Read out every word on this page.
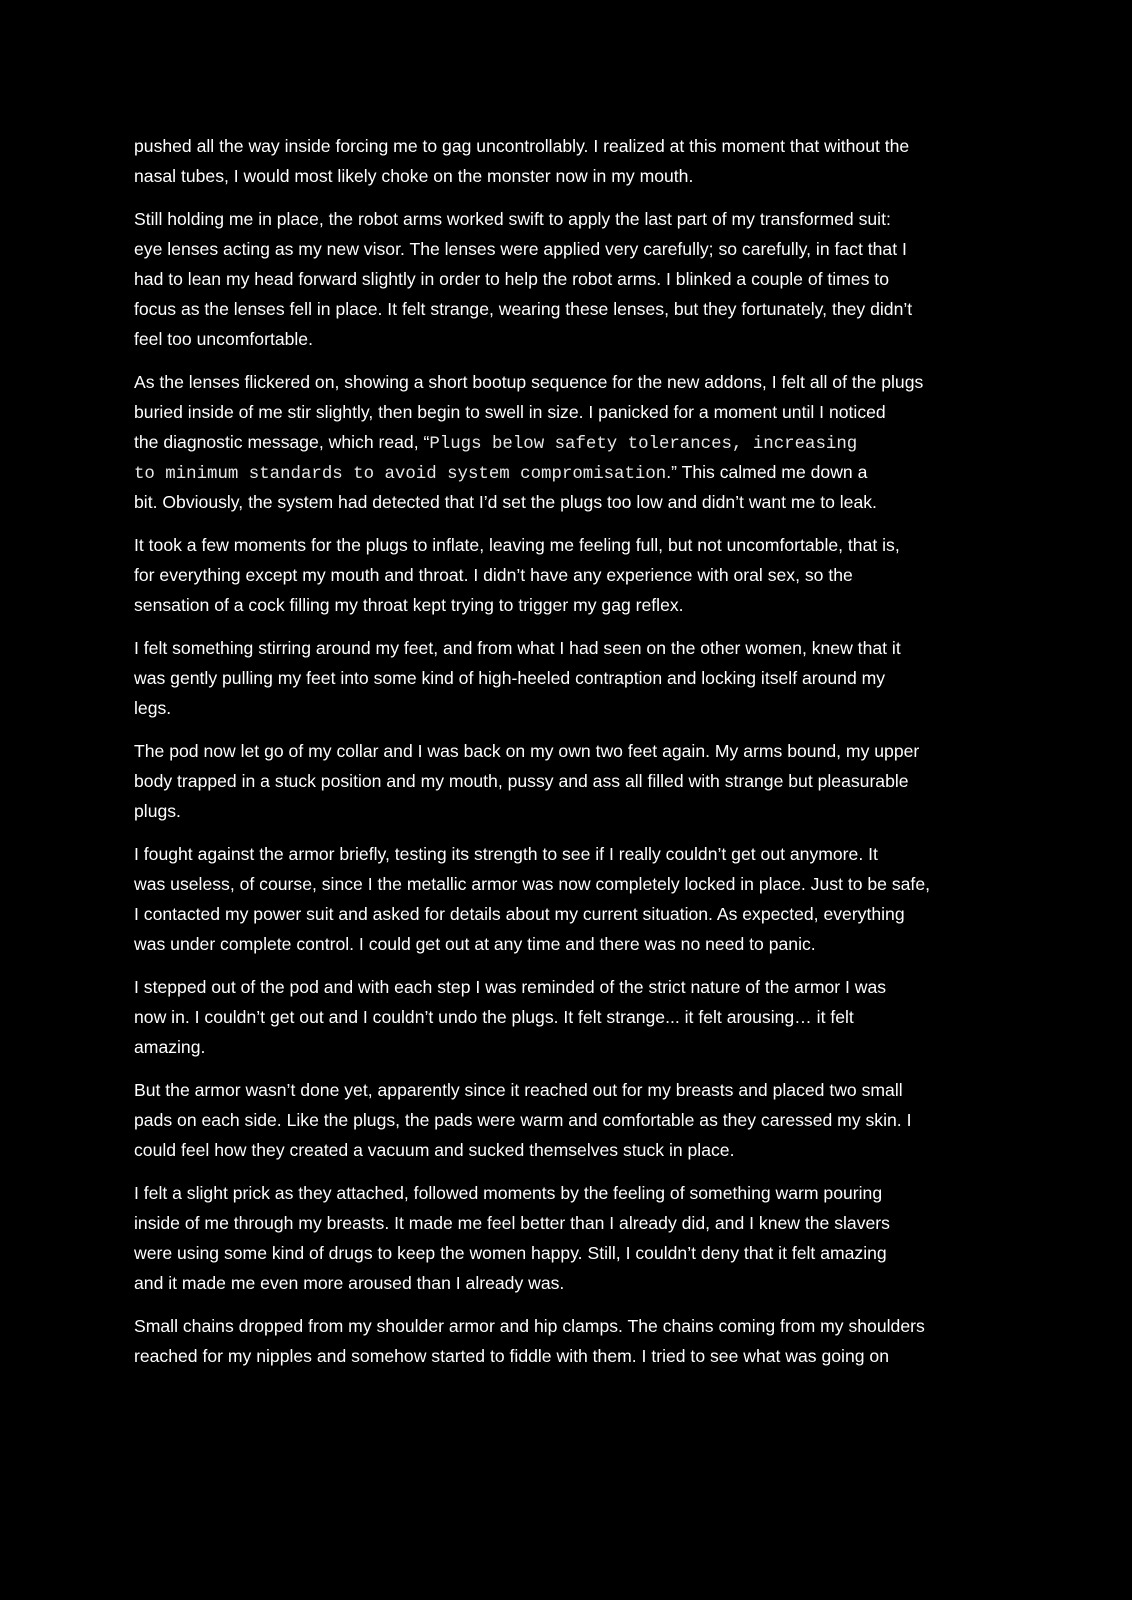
pushed all the way inside forcing me to gag uncontrollably. I realized at this moment that without the
nasal tubes, I would most likely choke on the monster now in my mouth.
Still holding me in place, the robot arms worked swift to apply the last part of my transformed suit:
eye lenses acting as my new visor. The lenses were applied very carefully; so carefully, in fact that I
had to lean my head forward slightly in order to help the robot arms. I blinked a couple of times to
focus as the lenses fell in place. It felt strange, wearing these lenses, but they fortunately, they didn’t
feel too uncomfortable.
As the lenses flickered on, showing a short bootup sequence for the new addons, I felt all of the plugs
buried inside of me stir slightly, then begin to swell in size. I panicked for a moment until I noticed
the diagnostic message, which read, “Plugs below safety tolerances, increasing
to minimum standards to avoid system compromisation.” This calmed me down a
bit. Obviously, the system had detected that I’d set the plugs too low and didn’t want me to leak.
It took a few moments for the plugs to inflate, leaving me feeling full, but not uncomfortable, that is,
for everything except my mouth and throat. I didn’t have any experience with oral sex, so the
sensation of a cock filling my throat kept trying to trigger my gag reflex.
I felt something stirring around my feet, and from what I had seen on the other women, knew that it
was gently pulling my feet into some kind of high-heeled contraption and locking itself around my
legs.
The pod now let go of my collar and I was back on my own two feet again. My arms bound, my upper
body trapped in a stuck position and my mouth, pussy and ass all filled with strange but pleasurable
plugs.
I fought against the armor briefly, testing its strength to see if I really couldn’t get out anymore. It
was useless, of course, since I the metallic armor was now completely locked in place. Just to be safe,
I contacted my power suit and asked for details about my current situation. As expected, everything
was under complete control. I could get out at any time and there was no need to panic.
I stepped out of the pod and with each step I was reminded of the strict nature of the armor I was
now in. I couldn’t get out and I couldn’t undo the plugs. It felt strange... it felt arousing… it felt
amazing.
But the armor wasn’t done yet, apparently since it reached out for my breasts and placed two small
pads on each side. Like the plugs, the pads were warm and comfortable as they caressed my skin. I
could feel how they created a vacuum and sucked themselves stuck in place.
I felt a slight prick as they attached, followed moments by the feeling of something warm pouring
inside of me through my breasts. It made me feel better than I already did, and I knew the slavers
were using some kind of drugs to keep the women happy. Still, I couldn’t deny that it felt amazing
and it made me even more aroused than I already was.
Small chains dropped from my shoulder armor and hip clamps. The chains coming from my shoulders
reached for my nipples and somehow started to fiddle with them. I tried to see what was going on
